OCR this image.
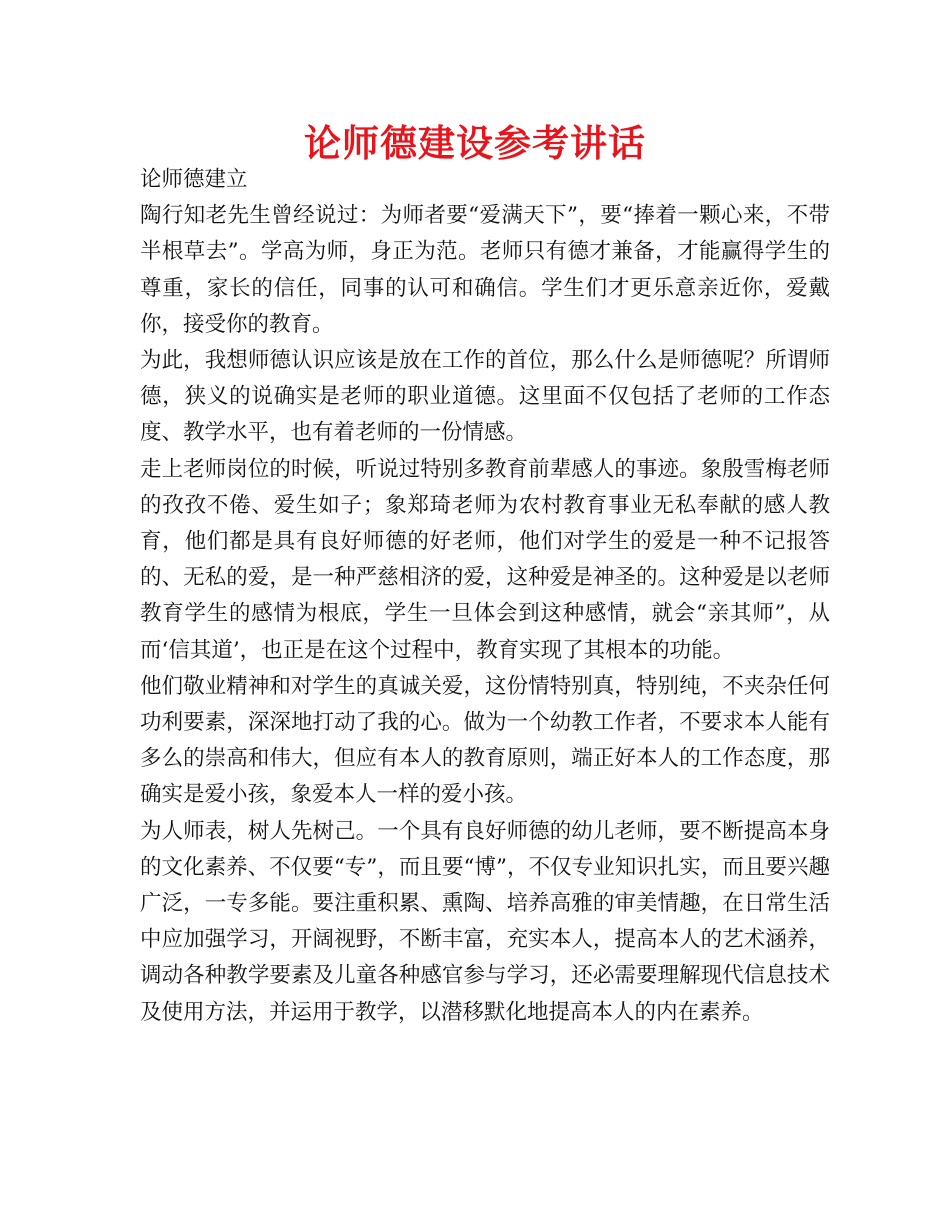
论师德建设参考讲话

论师德建立

陶行知老先生曾经说过：为师者要“爱满天下”，要“捧着一颗心来，不带半根草去”。学高为师，身正为范。老师只有德才兼备，才能赢得学生的尊重，家长的信任，同事的认可和确信。学生们才更乐意亲近你，爱戴你，接受你的教育。

为此，我想师德认识应该是放在工作的首位，那么什么是师德呢？所谓师德，狭义的说确实是老师的职业道德。这里面不仅包括了老师的工作态度、教学水平，也有着老师的一份情感。

走上老师岗位的时候，听说过特别多教育前辈感人的事迹。象殷雪梅老师的孜孜不倦、爱生如子；象郑琦老师为农村教育事业无私奉献的感人教育，他们都是具有良好师德的好老师，他们对学生的爱是一种不记报答的、无私的爱，是一种严慈相济的爱，这种爱是神圣的。这种爱是以老师教育学生的感情为根底，学生一旦体会到这种感情，就会“亲其师”，从而‘信其道’，也正是在这个过程中，教育实现了其根本的功能。

他们敬业精神和对学生的真诚关爱，这份情特别真，特别纯，不夹杂任何功利要素，深深地打动了我的心。做为一个幼教工作者，不要求本人能有多么的崇高和伟大，但应有本人的教育原则，端正好本人的工作态度，那确实是爱小孩，象爱本人一样的爱小孩。

为人师表，树人先树己。一个具有良好师德的幼儿老师，要不断提高本身的文化素养、不仅要“专”，而且要“博”，不仅专业知识扎实，而且要兴趣广泛，一专多能。要注重积累、熏陶、培养高雅的审美情趣，在日常生活中应加强学习，开阔视野，不断丰富，充实本人，提高本人的艺术涵养，调动各种教学要素及儿童各种感官参与学习，还必需要理解现代信息技术及使用方法，并运用于教学，以潜移默化地提高本人的内在素养。
